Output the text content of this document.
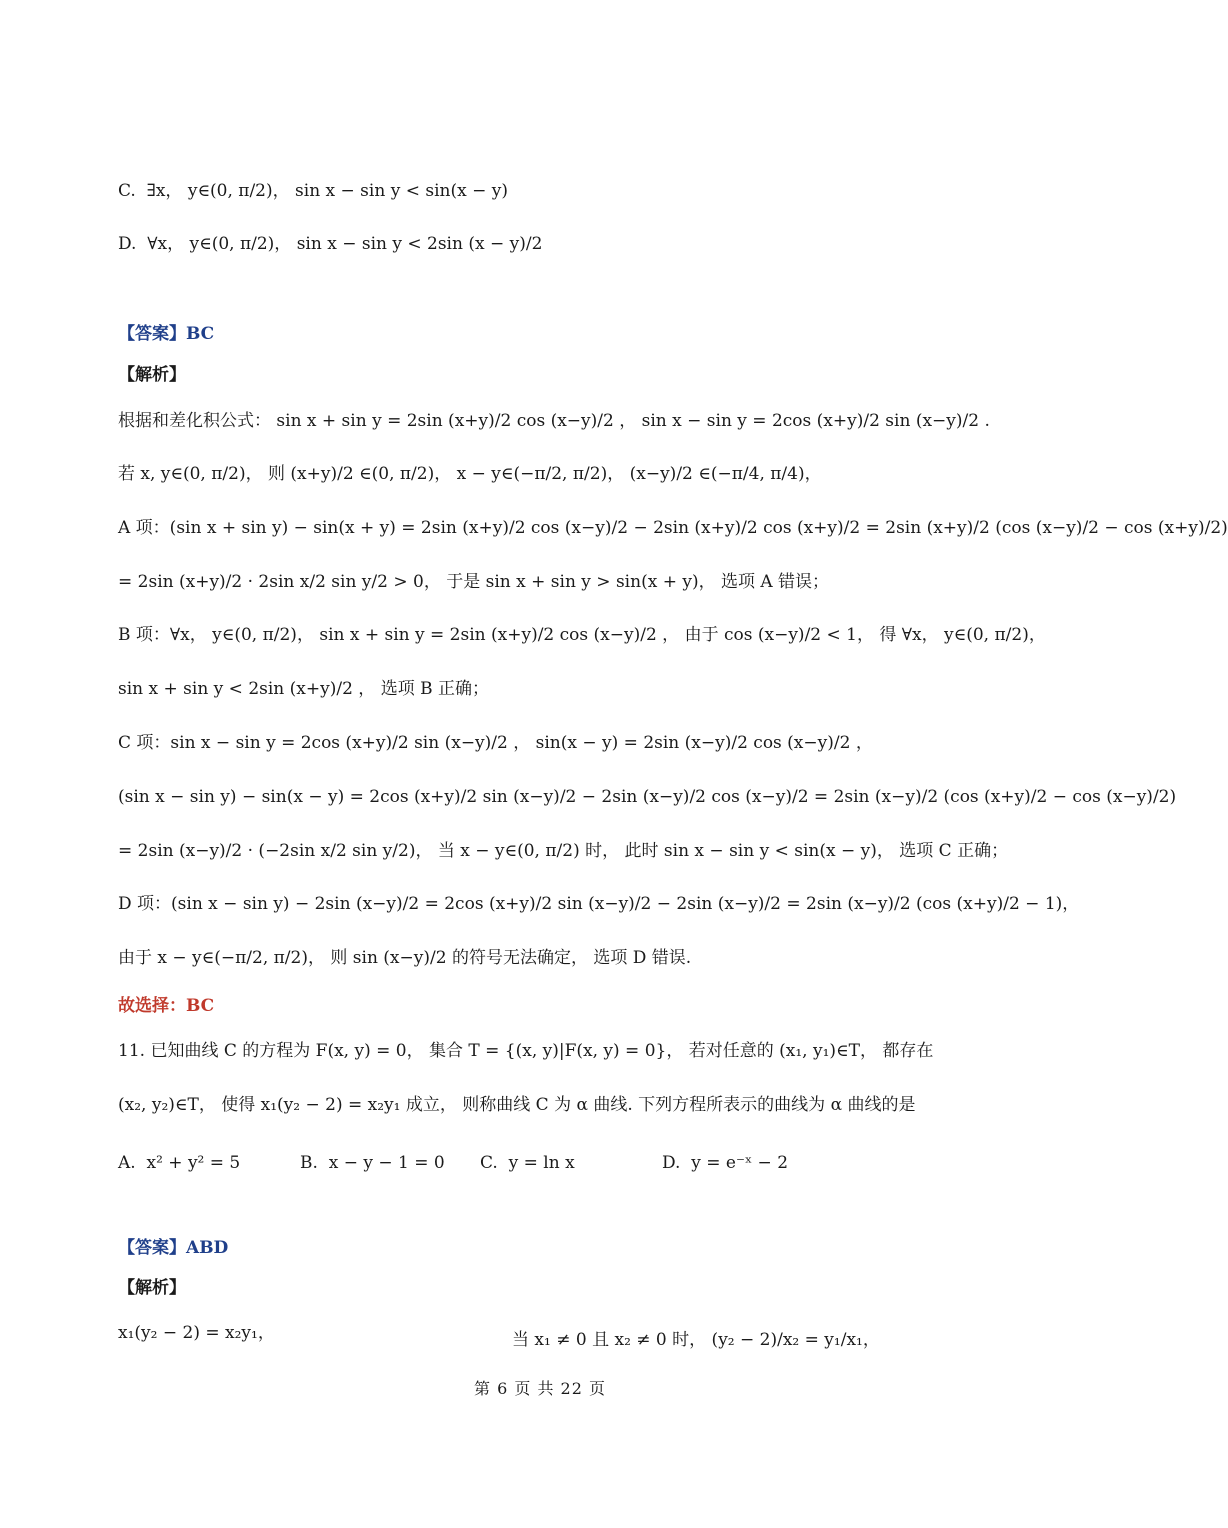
C. ∃x， y∈(0, π/2)， sin x − sin y < sin(x − y)
D. ∀x， y∈(0, π/2)， sin x − sin y < 2sin (x − y)/2
【答案】BC
【解析】
根据和差化积公式： sin x + sin y = 2sin (x+y)/2 cos (x−y)/2 ， sin x − sin y = 2cos (x+y)/2 sin (x−y)/2 .
若 x, y∈(0, π/2)， 则 (x+y)/2 ∈(0, π/2)， x − y∈(−π/2, π/2)， (x−y)/2 ∈(−π/4, π/4)，
A 项：(sin x + sin y) − sin(x + y) = 2sin (x+y)/2 cos (x−y)/2 − 2sin (x+y)/2 cos (x+y)/2 = 2sin (x+y)/2 (cos (x−y)/2 − cos (x+y)/2)
= 2sin (x+y)/2 · 2sin x/2 sin y/2 > 0， 于是 sin x + sin y > sin(x + y)， 选项 A 错误；
B 项：∀x， y∈(0, π/2)， sin x + sin y = 2sin (x+y)/2 cos (x−y)/2 ， 由于 cos (x−y)/2 < 1， 得 ∀x， y∈(0, π/2)，
sin x + sin y < 2sin (x+y)/2 ， 选项 B 正确；
C 项：sin x − sin y = 2cos (x+y)/2 sin (x−y)/2 ， sin(x − y) = 2sin (x−y)/2 cos (x−y)/2 ，
(sin x − sin y) − sin(x − y) = 2cos (x+y)/2 sin (x−y)/2 − 2sin (x−y)/2 cos (x−y)/2 = 2sin (x−y)/2 (cos (x+y)/2 − cos (x−y)/2)
= 2sin (x−y)/2 · (−2sin x/2 sin y/2)， 当 x − y∈(0, π/2) 时， 此时 sin x − sin y < sin(x − y)， 选项 C 正确；
D 项：(sin x − sin y) − 2sin (x−y)/2 = 2cos (x+y)/2 sin (x−y)/2 − 2sin (x−y)/2 = 2sin (x−y)/2 (cos (x+y)/2 − 1)，
由于 x − y∈(−π/2, π/2)， 则 sin (x−y)/2 的符号无法确定， 选项 D 错误.
故选择：BC
11. 已知曲线 C 的方程为 F(x, y) = 0， 集合 T = {(x, y)|F(x, y) = 0}， 若对任意的 (x₁, y₁)∈T， 都存在
(x₂, y₂)∈T， 使得 x₁(y₂ − 2) = x₂y₁ 成立， 则称曲线 C 为 α 曲线. 下列方程所表示的曲线为 α 曲线的是
A. x² + y² = 5	B. x − y − 1 = 0 C. y = ln x	D. y = e⁻ˣ − 2
【答案】ABD
【解析】
x₁(y₂ − 2) = x₂y₁，	当 x₁ ≠ 0 且 x₂ ≠ 0 时， (y₂ − 2)/x₂ = y₁/x₁，
第 6 页 共 22 页
